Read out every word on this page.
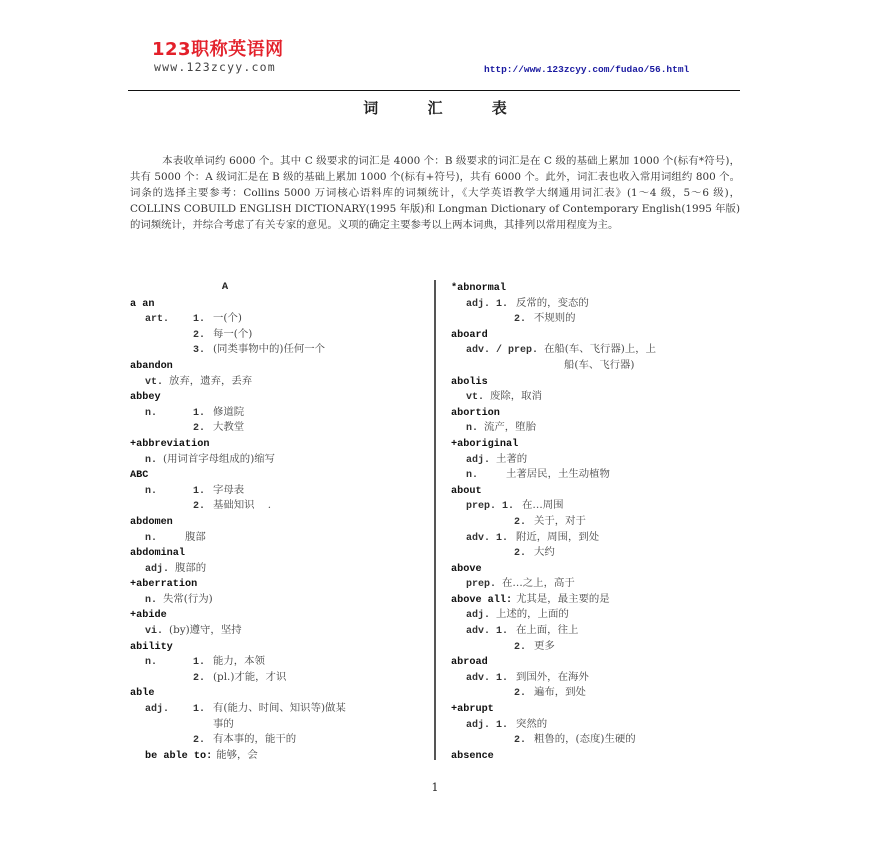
123职称英语网
www.123zcyy.com	http://www.123zcyy.com/fudao/56.html
词 汇 表
本表收单词约 6000 个。其中 C 级要求的词汇是 4000 个：B 级要求的词汇是在 C 级的基础上累加 1000 个(标有*符号)，共有 5000 个：A 级词汇是在 B 级的基础上累加 1000 个(标有+符号)，共有 6000 个。此外，词汇表也收入常用词组约 800 个。词条的选择主要参考：Collins 5000 万词核心语料库的词频统计，《大学英语教学大纲通用词汇表》(1～4 级，5～6 级)，COLLINS COBUILD ENGLISH DICTIONARY(1995 年版)和 Longman Dictionary of Contemporary English(1995 年版)的词频统计，并综合考虑了有关专家的意见。义项的确定主要参考以上两本词典，其排列以常用程度为主。
A
a an
art. 1. 一(个)
2. 每一(个)
3. (同类事物中的)任何一个
abandon
vt. 放弃，遗弃，丢弃
abbey
n.	1. 修道院
2. 大教堂
+abbreviation
n. (用词首字母组成的)缩写
ABC
n.	1. 字母表
2. 基础知识    .
abdomen
n.	腹部
abdominal
adj. 腹部的
+aberration
n. 失常(行为)
+abide
vi. (by)遵守，坚持
ability
n.	1. 能力，本领
2. (pl.)才能，才识
able
adj. 1. 有(能力、时间、知识等)做某
事的
2. 有本事的，能干的
be able to: 能够，会
*abnormal
adj. 1. 反常的，变态的
2. 不规则的
aboard
adv. / prep. 在船(车、飞行器)上，上
船(车、飞行器)
abolis
vt. 废除，取消
abortion
n. 流产，堕胎
+aboriginal
adj. 土著的
n.	土著居民，土生动植物
about
prep. 1. 在…周围
2. 关于，对于
adv. 1. 附近，周围，到处
2. 大约
above
prep. 在…之上，高于
above all: 尤其是，最主要的是
adj. 上述的，上面的
adv. 1. 在上面，往上
2. 更多
abroad
adv. 1. 到国外，在海外
2. 遍布，到处
+abrupt
adj. 1. 突然的
2. 粗鲁的，(态度)生硬的
absence
1
